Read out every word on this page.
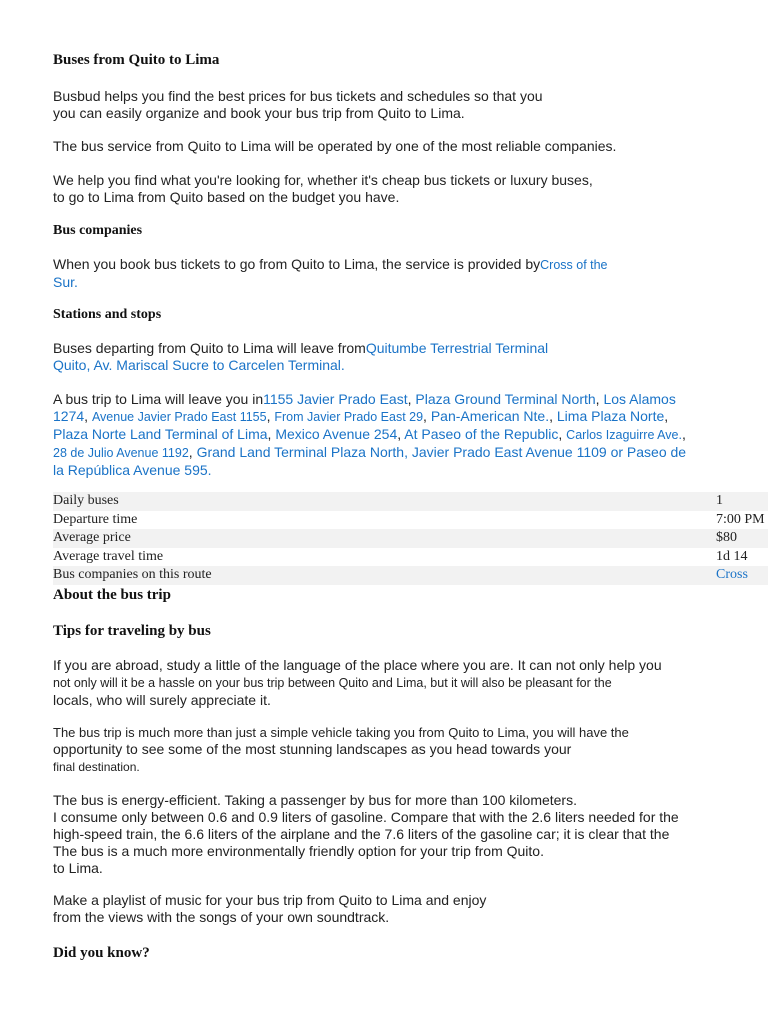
Buses from Quito to Lima

Busbud helps you find the best prices for bus tickets and schedules so that you
you can easily organize and book your bus trip from Quito to Lima.

The bus service from Quito to Lima will be operated by one of the most reliable companies.

We help you find what you're looking for, whether it's cheap bus tickets or luxury buses,
to go to Lima from Quito based on the budget you have.

Bus companies

When you book bus tickets to go from Quito to Lima, the service is provided byCross of the
Sur.

Stations and stops

Buses departing from Quito to Lima will leave fromQuitumbe Terrestrial Terminal
Quito, Av. Mariscal Sucre to Carcelen Terminal.

A bus trip to Lima will leave you in1155 Javier Prado East, Plaza Ground Terminal North, Los Alamos 1274, Avenue Javier Prado East 1155, From Javier Prado East 29, Pan-American Nte., Lima Plaza Norte, Plaza Norte Land Terminal of Lima, Mexico Avenue 254, At Paseo of the Republic, Carlos Izaguirre Ave., 28 de Julio Avenue 1192, Grand Land Terminal Plaza North, Javier Prado East Avenue 1109 or Paseo de la República Avenue 595.

Daily buses	1
Departure time	7:00 PM
Average price	$80
Average travel time	1d 14
Bus companies on this route	Cross
About the bus trip
Tips for traveling by bus

If you are abroad, study a little of the language of the place where you are. It can not only help you
not only will it be a hassle on your bus trip between Quito and Lima, but it will also be pleasant for the
locals, who will surely appreciate it.

The bus trip is much more than just a simple vehicle taking you from Quito to Lima, you will have the
opportunity to see some of the most stunning landscapes as you head towards your
final destination.

The bus is energy-efficient. Taking a passenger by bus for more than 100 kilometers.
I consume only between 0.6 and 0.9 liters of gasoline. Compare that with the 2.6 liters needed for the
high-speed train, the 6.6 liters of the airplane and the 7.6 liters of the gasoline car; it is clear that the
The bus is a much more environmentally friendly option for your trip from Quito.
to Lima.

Make a playlist of music for your bus trip from Quito to Lima and enjoy
from the views with the songs of your own soundtrack.

Did you know?
